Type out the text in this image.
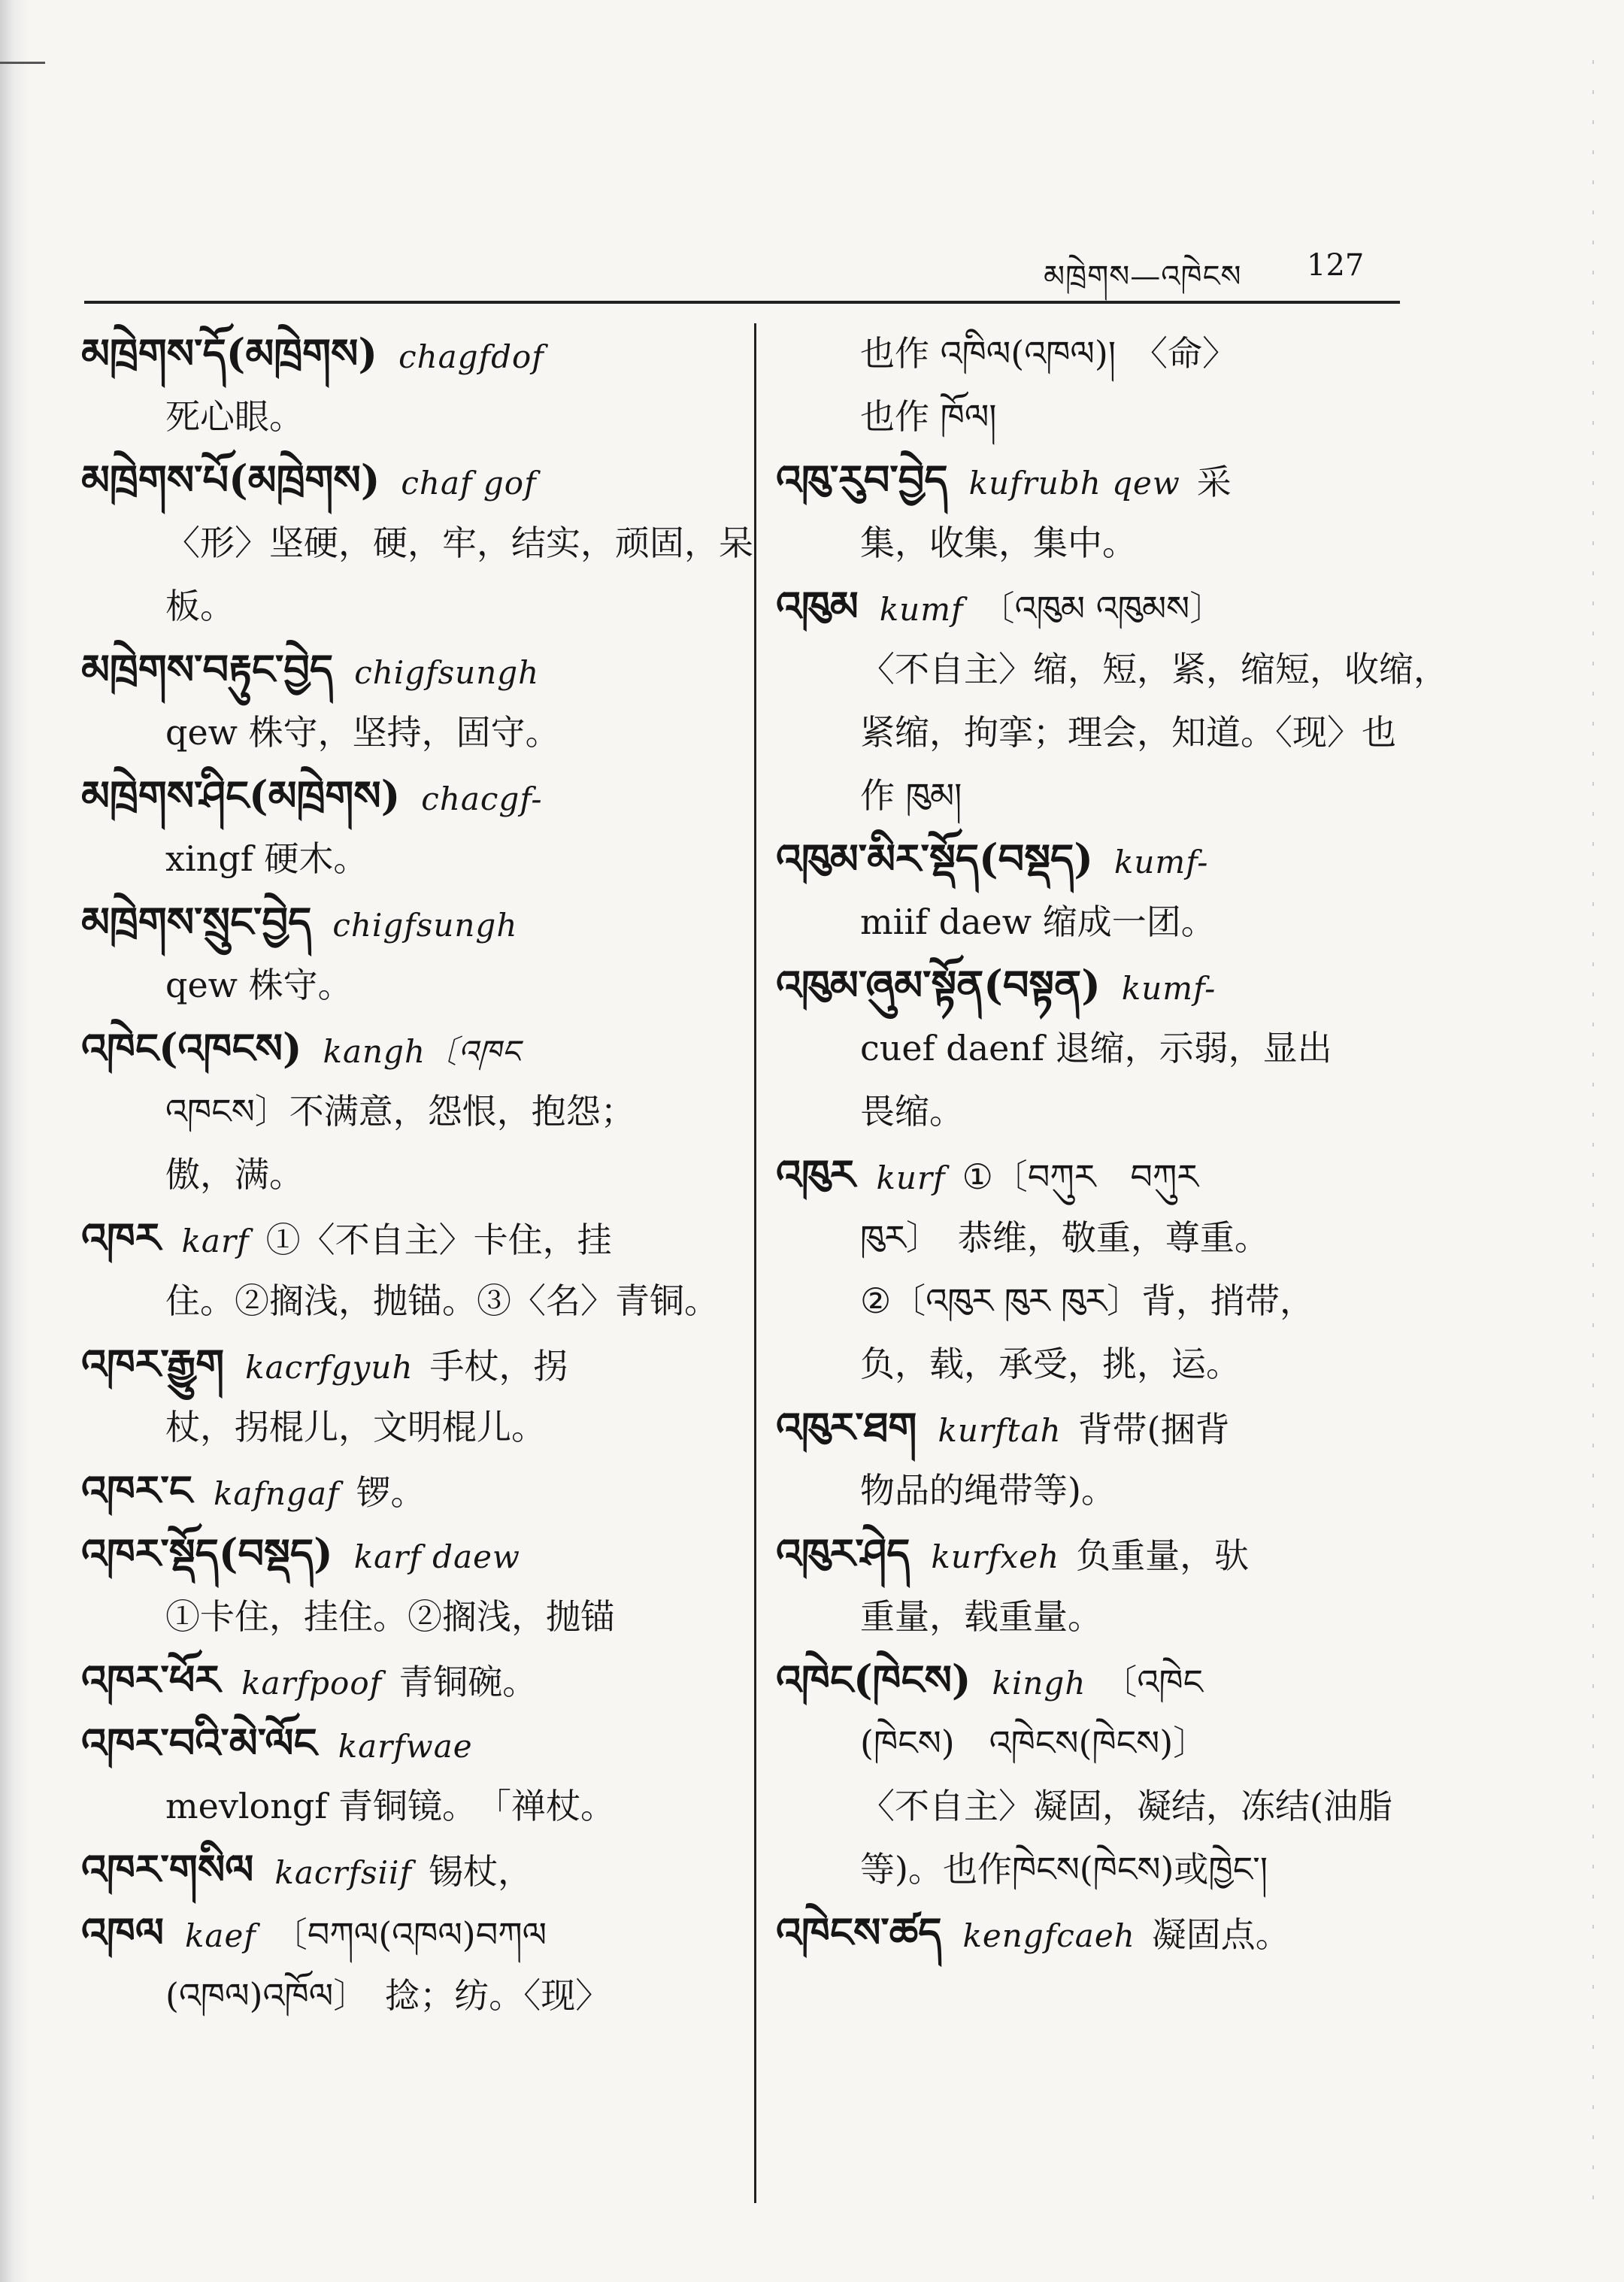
མཁྲེགས—འཁེངས 127
མཁྲེགས་དོ(མཁྲེགས) chagfdof
死心眼。
མཁྲེགས་པོ(མཁྲེགས) chaf gof
〈形〉坚硬，硬，牢，结实，顽固，呆
板。
མཁྲེགས་བརྟུང་བྱེད chigfsungh
qew 株守，坚持，固守。
མཁྲེགས་ཤིང(མཁྲེགས) chacgf-
xingf 硬木。
མཁྲེགས་སྲུང་བྱེད chigfsungh
qew 株守。
འཁེང(འཁངས) kangh〔འཁང
འཁངས〕不满意，怨恨，抱怨；
傲，满。
འཁར karf ①〈不自主〉卡住，挂
住。②搁浅，抛锚。③〈名〉青铜。
འཁར་རྒྱུག kacrfgyuh 手杖，拐
杖，拐棍儿，文明棍儿。
འཁར་ང kafngaf 锣。
འཁར་སྡོད(བསྡད) karf daew
①卡住，挂住。②搁浅，抛锚
འཁར་ཕོར karfpoof 青铜碗。
འཁར་བའི་མེ་ལོང karfwae
mevlongf 青铜镜。　「禅杖。
འཁར་གསིལ kacrfsiif 锡杖，
འཁལ kaef 〔བཀལ(འཁལ)བཀལ
(འཁལ)འཁོལ〕　捻；纺。〈现〉
也作 འཁིལ(འཁལ)།　〈命〉
也作 ཁོལ།
འཁུ་རུབ་བྱེད kufrubh qew 采
集，收集，集中。
འཁུམ kumf 〔འཁུམ འཁུམས〕
〈不自主〉缩，短，紧，缩短，收缩，
紧缩，拘挛；理会，知道。〈现〉也
作 ཁུམ།
འཁུམ་མིར་སྡོད(བསྡད) kumf-
miif daew 缩成一团。
འཁུམ་ཞུམ་སྟོན(བསྟན) kumf-
cuef daenf 退缩，示弱，显出
畏缩。
འཁུར kurf ①〔བཀུར　བཀུར
ཁུར〕　恭维，敬重，尊重。
②〔འཁུར ཁུར ཁུར〕背，捎带，
负，载，承受，挑，运。
འཁུར་ཐག kurftah 背带(捆背
物品的绳带等)。
འཁུར་ཤེད kurfxeh 负重量，驮
重量，载重量。
འཁེང(ཁེངས) kingh 〔འཁེང
(ཁེངས)　འཁེངས(ཁེངས)〕
〈不自主〉凝固，凝结，冻结(油脂
等)。也作ཁེངས(ཁེངས)或ཁྱེང་།
འཁེངས་ཚད kengfcaeh 凝固点。
